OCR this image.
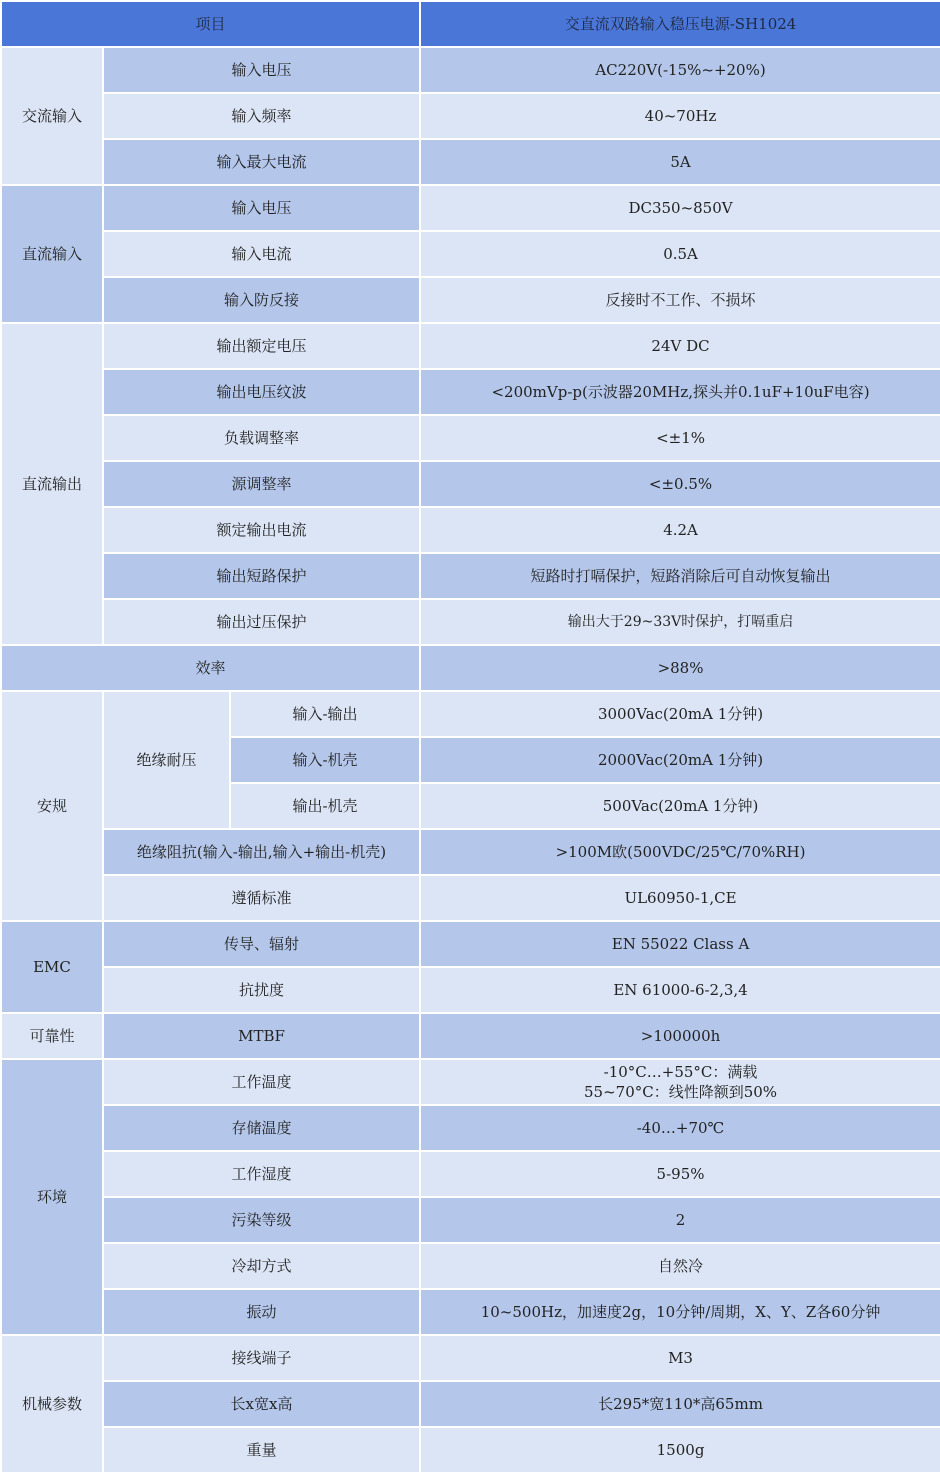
项目			交直流双路输入稳压电源-SH1024
交流输入	输入电压		AC220V(-15%~+20%)
	输入频率		40~70Hz
	输入最大电流		5A
直流输入	输入电压		DC350~850V
	输入电流		0.5A
	输入防反接		反接时不工作、不损坏
直流输出	输出额定电压		24V DC
	输出电压纹波		<200mVp-p(示波器20MHz,探头并0.1uF+10uF电容)
	负载调整率		<±1%
	源调整率		<±0.5%
	额定输出电流		4.2A
	输出短路保护		短路时打嗝保护，短路消除后可自动恢复输出
	输出过压保护		输出大于29~33V时保护，打嗝重启
效率			>88%
安规	绝缘耐压	输入-输出	3000Vac(20mA 1分钟)
		输入-机壳	2000Vac(20mA 1分钟)
		输出-机壳	500Vac(20mA 1分钟)
	绝缘阻抗(输入-输出,输入+输出-机壳)		>100M欧(500VDC/25℃/70%RH)
	遵循标准		UL60950-1,CE
EMC	传导、辐射		EN 55022 Class A
	抗扰度		EN 61000-6-2,3,4
可靠性	MTBF		>100000h
环境	工作温度		-10°C…+55°C：满载
55~70°C：线性降额到50%

	存储温度		-40…+70℃
	工作湿度		5-95%
	污染等级		2
	冷却方式		自然冷
	振动		10~500Hz，加速度2g，10分钟/周期，X、Y、Z各60分钟
机械参数	接线端子		M3
	长x宽x高		长295*宽110*高65mm
	重量		1500g
